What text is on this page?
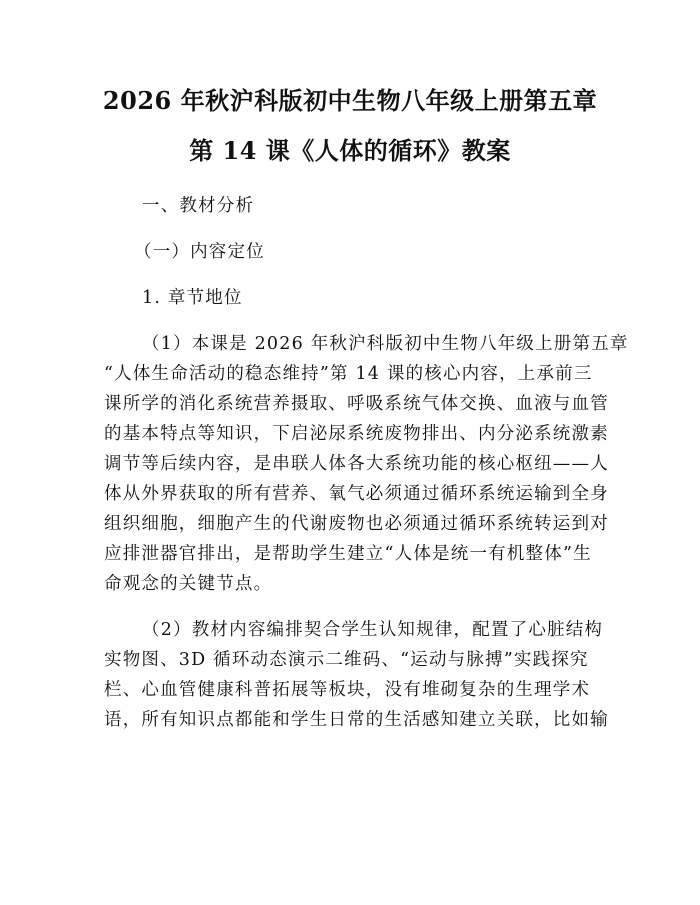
2026 年秋沪科版初中生物八年级上册第五章
第 14 课《人体的循环》教案
一、教材分析
（一）内容定位
1. 章节地位
（1）本课是 2026 年秋沪科版初中生物八年级上册第五章
“人体生命活动的稳态维持”第 14 课的核心内容，上承前三
课所学的消化系统营养摄取、呼吸系统气体交换、血液与血管
的基本特点等知识，下启泌尿系统废物排出、内分泌系统激素
调节等后续内容，是串联人体各大系统功能的核心枢纽——人
体从外界获取的所有营养、氧气必须通过循环系统运输到全身
组织细胞，细胞产生的代谢废物也必须通过循环系统转运到对
应排泄器官排出，是帮助学生建立“人体是统一有机整体”生
命观念的关键节点。
（2）教材内容编排契合学生认知规律，配置了心脏结构
实物图、3D 循环动态演示二维码、“运动与脉搏”实践探究
栏、心血管健康科普拓展等板块，没有堆砌复杂的生理学术
语，所有知识点都能和学生日常的生活感知建立关联，比如输
